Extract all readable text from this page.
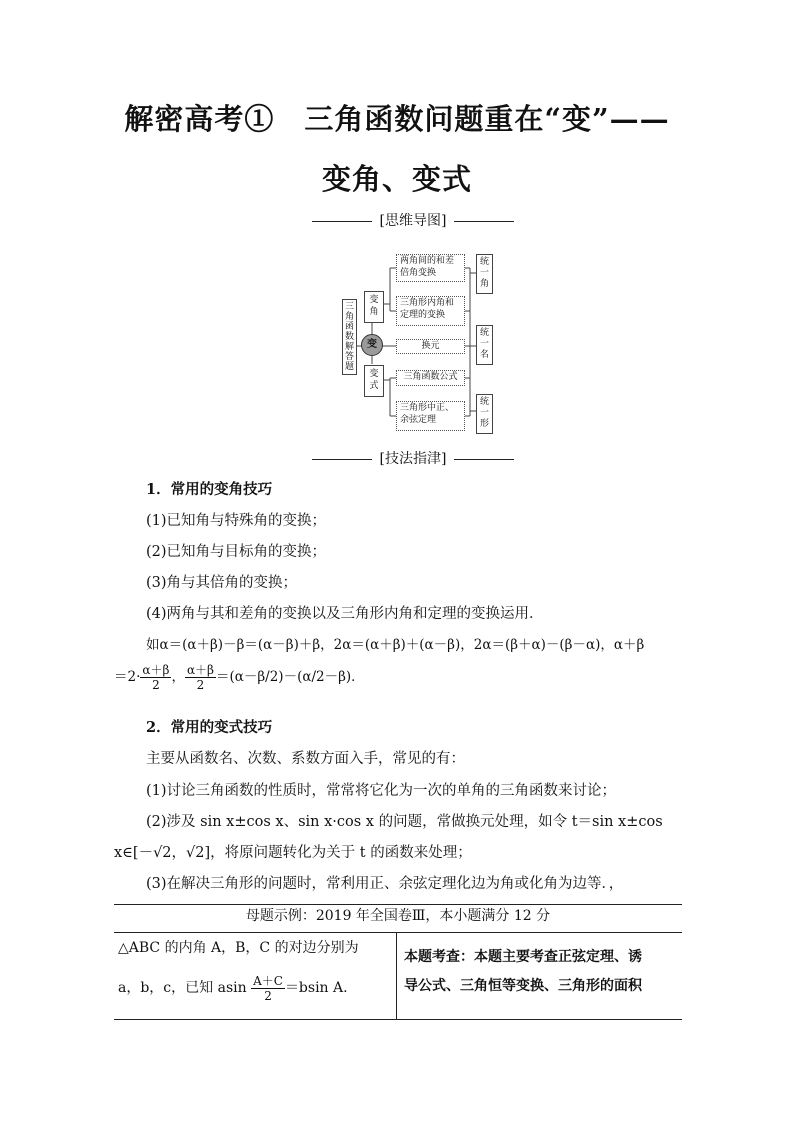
解密高考①　三角函数问题重在“变”——
变角、变式
[思维导图]
三
角
函
数
解
答
题
变
角
变
变
式
两角间的和差
倍角变换
三角形内角和
定理的变换
换元
三角函数公式
三角形中正、
余弦定理
统
一
角
统
一
名
统
一
形
[技法指津]
1．常用的变角技巧
(1)已知角与特殊角的变换；
(2)已知角与目标角的变换；
(3)角与其倍角的变换；
(4)两角与其和差角的变换以及三角形内角和定理的变换运用．
如α＝(α＋β)－β＝(α－β)＋β，2α＝(α＋β)＋(α－β)，2α＝(β＋α)－(β－α)，α＋β
$=2\cdot \frac{\alpha+\beta}{2}$ ， $\frac{\alpha+\beta}{2} =(\alpha-\beta/2)-(\alpha/2-\beta)$．
2．常用的变式技巧
主要从函数名、次数、系数方面入手，常见的有：
(1)讨论三角函数的性质时，常常将它化为一次的单角的三角函数来讨论；
(2)涉及 sin x±cos x、sin x·cos x 的问题，常做换元处理，如令 t＝sin x±cos
x∈[－√2，√2]，将原问题转化为关于 t 的函数来处理；
(3)在解决三角形的问题时，常利用正、余弦定理化边为角或化角为边等．，
母题示例：2019 年全国卷Ⅲ，本小题满分 12 分
△ABC 的内角 A，B，C 的对边分别为
a，b，c，已知 asin $\frac{A+C}{2} =bsin$ A.
本题考查：本题主要考查正弦定理、诱
导公式、三角恒等变换、三角形的面积
